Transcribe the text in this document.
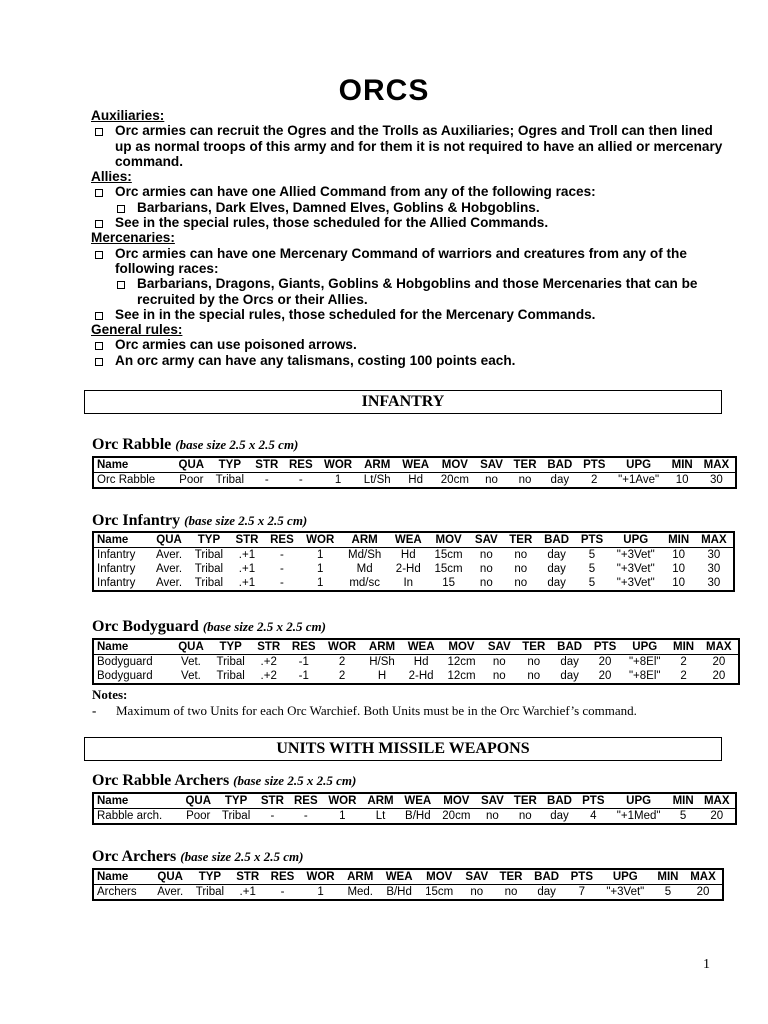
ORCS
Auxiliaries:
Orc armies can recruit the Ogres and the Trolls as Auxiliaries; Ogres and Troll can then lined up as normal troops of this army and for them it is not required to have an allied or mercenary command.
Allies:
Orc armies can have one Allied Command from any of the following races:
Barbarians, Dark Elves, Damned Elves, Goblins & Hobgoblins.
See in the special rules, those scheduled for the Allied Commands.
Mercenaries:
Orc armies can have one Mercenary Command of warriors and creatures from any of the following races:
Barbarians, Dragons, Giants, Goblins & Hobgoblins and those Mercenaries that can be recruited by the Orcs or their Allies.
See in in the special rules, those scheduled for the Mercenary Commands.
General rules:
Orc armies can use poisoned arrows.
An orc army can have any talismans, costing 100 points each.
INFANTRY
Orc Rabble (base size 2.5 x 2.5 cm)
Name	QUA	TYP	STR	RES	WOR	ARM	WEA	MOV	SAV	TER	BAD	PTS	UPG	MIN	MAX
Orc Rabble	Poor	Tribal	-	-	1	Lt/Sh	Hd	20cm	no	no	day	2	"+1Ave"	10	30
Orc Infantry (base size 2.5 x 2.5 cm)
Name	QUA	TYP	STR	RES	WOR	ARM	WEA	MOV	SAV	TER	BAD	PTS	UPG	MIN	MAX
Infantry	Aver.	Tribal	.+1	-	1	Md/Sh	Hd	15cm	no	no	day	5	"+3Vet"	10	30
Infantry	Aver.	Tribal	.+1	-	1	Md	2-Hd	15cm	no	no	day	5	"+3Vet"	10	30
Infantry	Aver.	Tribal	.+1	-	1	md/sc	In	15	no	no	day	5	"+3Vet"	10	30
Orc Bodyguard (base size 2.5 x 2.5 cm)
Name	QUA	TYP	STR	RES	WOR	ARM	WEA	MOV	SAV	TER	BAD	PTS	UPG	MIN	MAX
Bodyguard	Vet.	Tribal	.+2	-1	2	H/Sh	Hd	12cm	no	no	day	20	"+8El"	2	20
Bodyguard	Vet.	Tribal	.+2	-1	2	H	2-Hd	12cm	no	no	day	20	"+8El"	2	20
Notes:
- Maximum of two Units for each Orc Warchief. Both Units must be in the Orc Warchief’s command.
UNITS WITH MISSILE WEAPONS
Orc Rabble Archers (base size 2.5 x 2.5 cm)
Name	QUA	TYP	STR	RES	WOR	ARM	WEA	MOV	SAV	TER	BAD	PTS	UPG	MIN	MAX
Rabble arch.	Poor	Tribal	-	-	1	Lt	B/Hd	20cm	no	no	day	4	"+1Med"	5	20
Orc Archers (base size 2.5 x 2.5 cm)
Name	QUA	TYP	STR	RES	WOR	ARM	WEA	MOV	SAV	TER	BAD	PTS	UPG	MIN	MAX
Archers	Aver.	Tribal	.+1	-	1	Med.	B/Hd	15cm	no	no	day	7	"+3Vet"	5	20
1
